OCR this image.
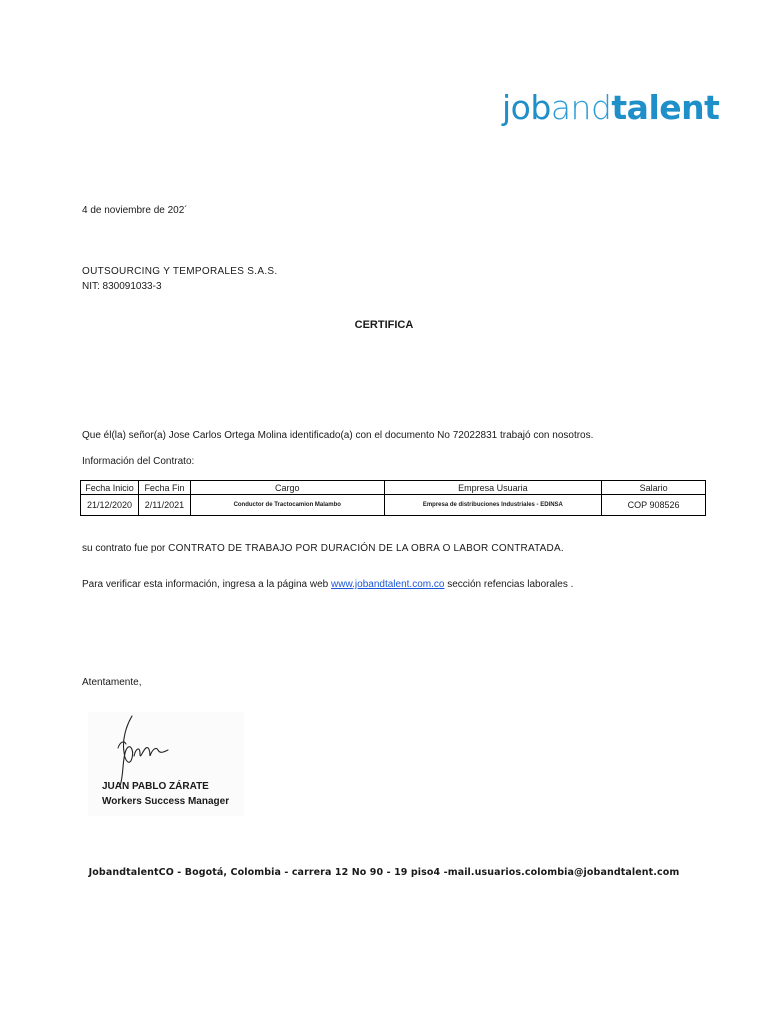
jobandtalent
4 de noviembre de 202´
OUTSOURCING Y TEMPORALES S.A.S.
NIT: 830091033-3
CERTIFICA
Que él(la) señor(a) Jose Carlos Ortega Molina identificado(a) con el documento No 72022831 trabajó con nosotros.
Información del Contrato:
Fecha Inicio	Fecha Fin	Cargo	Empresa Usuaria	Salario
21/12/2020	2/11/2021	Conductor de Tractocamion Malambo	Empresa de distribuciones Industriales - EDINSA	COP 908526
su contrato fue por CONTRATO DE TRABAJO POR DURACIÓN DE LA OBRA O LABOR CONTRATADA.
Para verificar esta información, ingresa a la página web www.jobandtalent.com.co sección refencias laborales .
Atentamente,
JUAN PABLO ZÁRATE
Workers Success Manager
JobandtalentCO - Bogotá, Colombia - carrera 12 No 90 - 19 piso4 -mail.usuarios.colombia@jobandtalent.com
